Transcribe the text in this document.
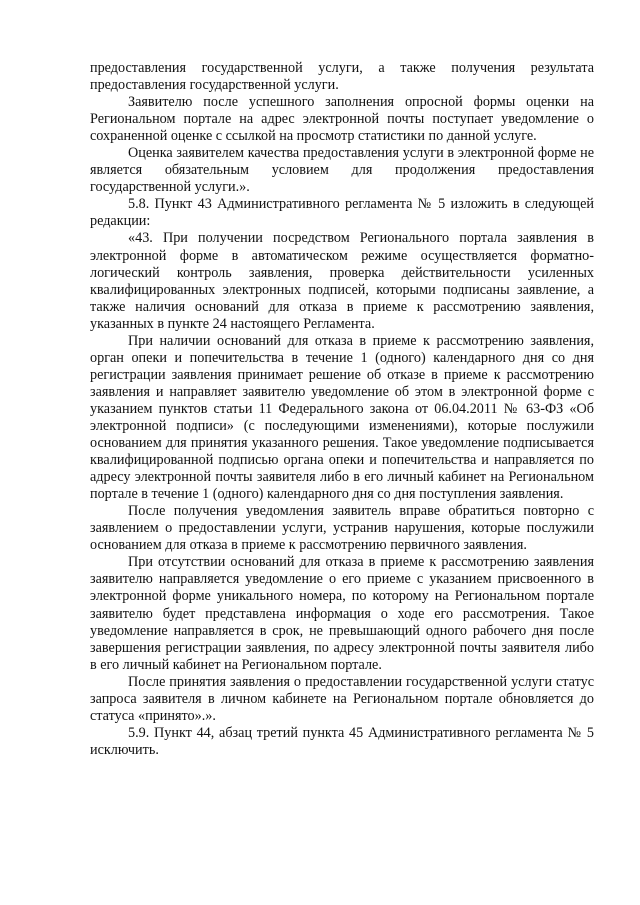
предоставления государственной услуги, а также получения результата предоставления государственной услуги.

Заявителю после успешного заполнения опросной формы оценки на Региональном портале на адрес электронной почты поступает уведомление о сохраненной оценке с ссылкой на просмотр статистики по данной услуге.

Оценка заявителем качества предоставления услуги в электронной форме не является обязательным условием для продолжения предоставления государственной услуги.».

5.8. Пункт 43 Административного регламента № 5 изложить в следующей редакции:

«43. При получении посредством Регионального портала заявления в электронной форме в автоматическом режиме осуществляется форматно-логический контроль заявления, проверка действительности усиленных квалифицированных электронных подписей, которыми подписаны заявление, а также наличия оснований для отказа в приеме к рассмотрению заявления, указанных в пункте 24 настоящего Регламента.

При наличии оснований для отказа в приеме к рассмотрению заявления, орган опеки и попечительства в течение 1 (одного) календарного дня со дня регистрации заявления принимает решение об отказе в приеме к рассмотрению заявления и направляет заявителю уведомление об этом в электронной форме с указанием пунктов статьи 11 Федерального закона от 06.04.2011 № 63-ФЗ «Об электронной подписи» (с последующими изменениями), которые послужили основанием для принятия указанного решения. Такое уведомление подписывается квалифицированной подписью органа опеки и попечительства и направляется по адресу электронной почты заявителя либо в его личный кабинет на Региональном портале в течение 1 (одного) календарного дня со дня поступления заявления.

После получения уведомления заявитель вправе обратиться повторно с заявлением о предоставлении услуги, устранив нарушения, которые послужили основанием для отказа в приеме к рассмотрению первичного заявления.

При отсутствии оснований для отказа в приеме к рассмотрению заявления заявителю направляется уведомление о его приеме с указанием присвоенного в электронной форме уникального номера, по которому на Региональном портале заявителю будет представлена информация о ходе его рассмотрения. Такое уведомление направляется в срок, не превышающий одного рабочего дня после завершения регистрации заявления, по адресу электронной почты заявителя либо в его личный кабинет на Региональном портале.

После принятия заявления о предоставлении государственной услуги статус запроса заявителя в личном кабинете на Региональном портале обновляется до статуса «принято».».

5.9. Пункт 44, абзац третий пункта 45 Административного регламента № 5 исключить.
